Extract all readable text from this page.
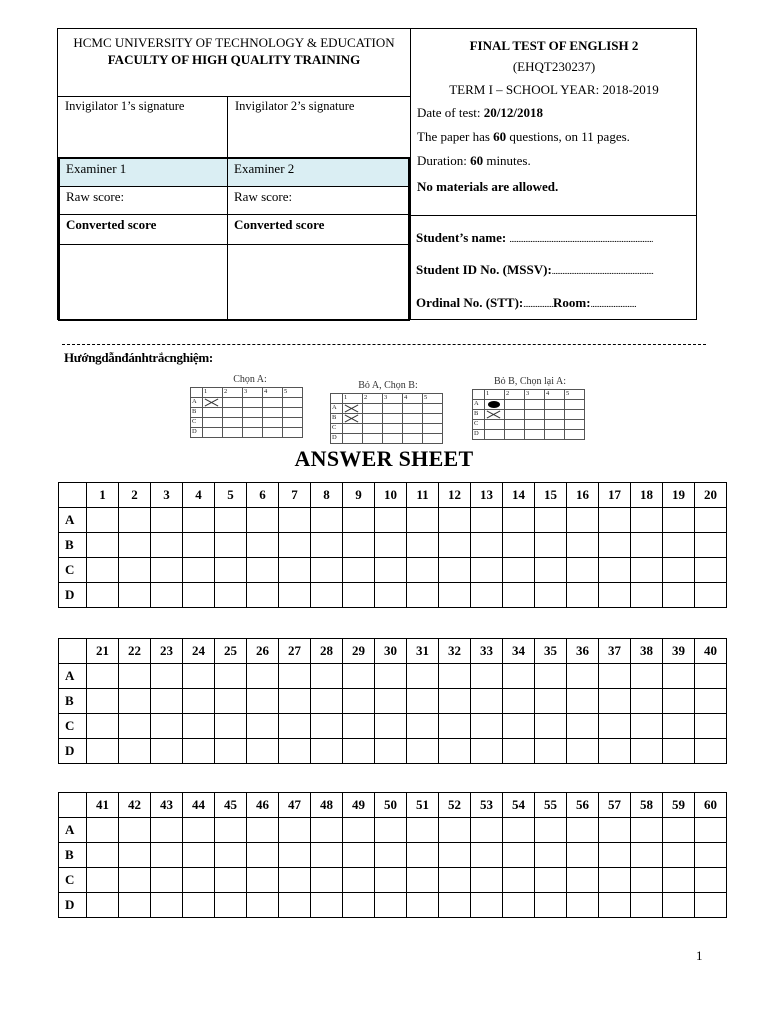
HCMC UNIVERSITY OF TECHNOLOGY & EDUCATION
FACULTY OF HIGH QUALITY TRAINING
Invigilator 1’s signature	Invigilator 2’s signature
Examiner 1	Examiner 2
Raw score:	Raw score:
Converted score	Converted score
FINAL TEST OF ENGLISH 2
(EHQT230237)
TERM I – SCHOOL YEAR: 2018-2019
Date of test: 20/12/2018
The paper has 60 questions, on 11 pages.
Duration: 60 minutes.
No materials are allowed.
Student’s name: ..................................................................................
Student ID No. (MSSV):..........................................................
Ordinal No. (STT):.................Room:..........................
Hướngdẫnđánhtrắcnghiệm:
Chọn A:
	1	2	3	4	5
A	

B					
C					
D					
Bỏ A, Chọn B:
	1	2	3	4	5
A	

B	

C					
D					
Bỏ B, Chọn lại A:
	1	2	3	4	5
A	

B	

C					
D					
ANSWER SHEET
	1	2	3	4	5	6	7	8	9	10	11	12	13	14	15	16	17	18	19	20
A																				
B																				
C																				
D																				
	21	22	23	24	25	26	27	28	29	30	31	32	33	34	35	36	37	38	39	40
A																				
B																				
C																				
D																				
	41	42	43	44	45	46	47	48	49	50	51	52	53	54	55	56	57	58	59	60
A																				
B																				
C																				
D																				
1
